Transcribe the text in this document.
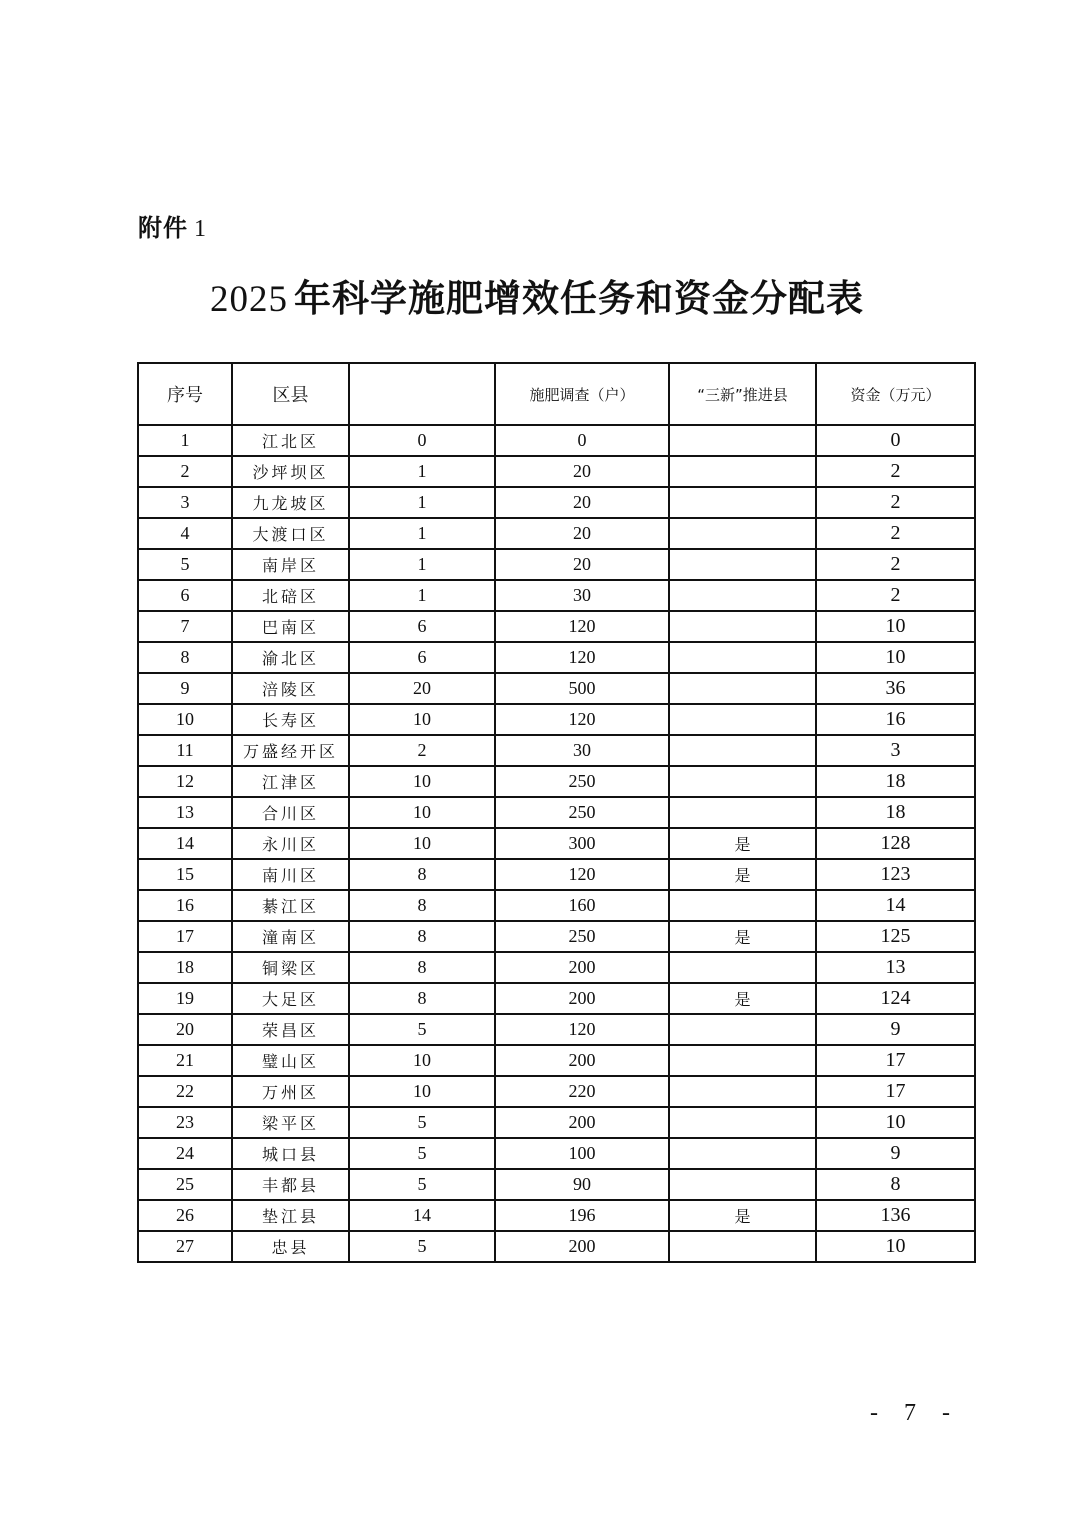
附件 1
2025 年科学施肥增效任务和资金分配表
序号	区县		施肥调查（户）	“三新”推进县	资金（万元）
1	江北区	0	0		0
2	沙坪坝区	1	20		2
3	九龙坡区	1	20		2
4	大渡口区	1	20		2
5	南岸区	1	20		2
6	北碚区	1	30		2
7	巴南区	6	120		10
8	渝北区	6	120		10
9	涪陵区	20	500		36
10	长寿区	10	120		16
11	万盛经开区	2	30		3
12	江津区	10	250		18
13	合川区	10	250		18
14	永川区	10	300	是	128
15	南川区	8	120	是	123
16	綦江区	8	160		14
17	潼南区	8	250	是	125
18	铜梁区	8	200		13
19	大足区	8	200	是	124
20	荣昌区	5	120		9
21	璧山区	10	200		17
22	万州区	10	220		17
23	梁平区	5	200		10
24	城口县	5	100		9
25	丰都县	5	90		8
26	垫江县	14	196	是	136
27	忠县	5	200		10
- 7 -
